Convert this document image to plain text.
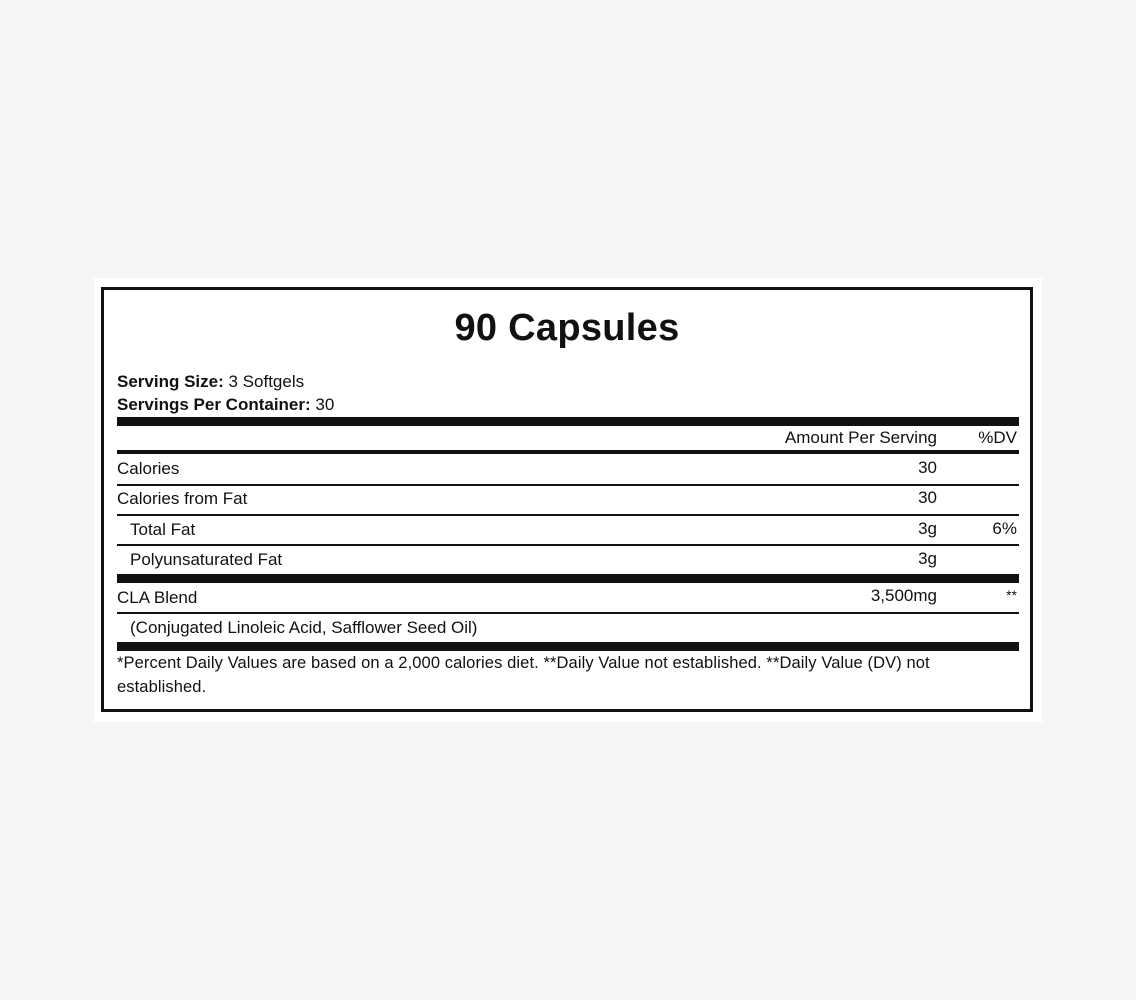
90 Capsules
Serving Size: 3 Softgels
Servings Per Container: 30
Amount Per Serving %DV
Calories	30
Calories from Fat	30
Total Fat	3g	6%
Polyunsaturated Fat	3g
CLA Blend	3,500mg	**
(Conjugated Linoleic Acid, Safflower Seed Oil)
*Percent Daily Values are based on a 2,000 calories diet. **Daily Value not established. **Daily Value (DV) not established.
